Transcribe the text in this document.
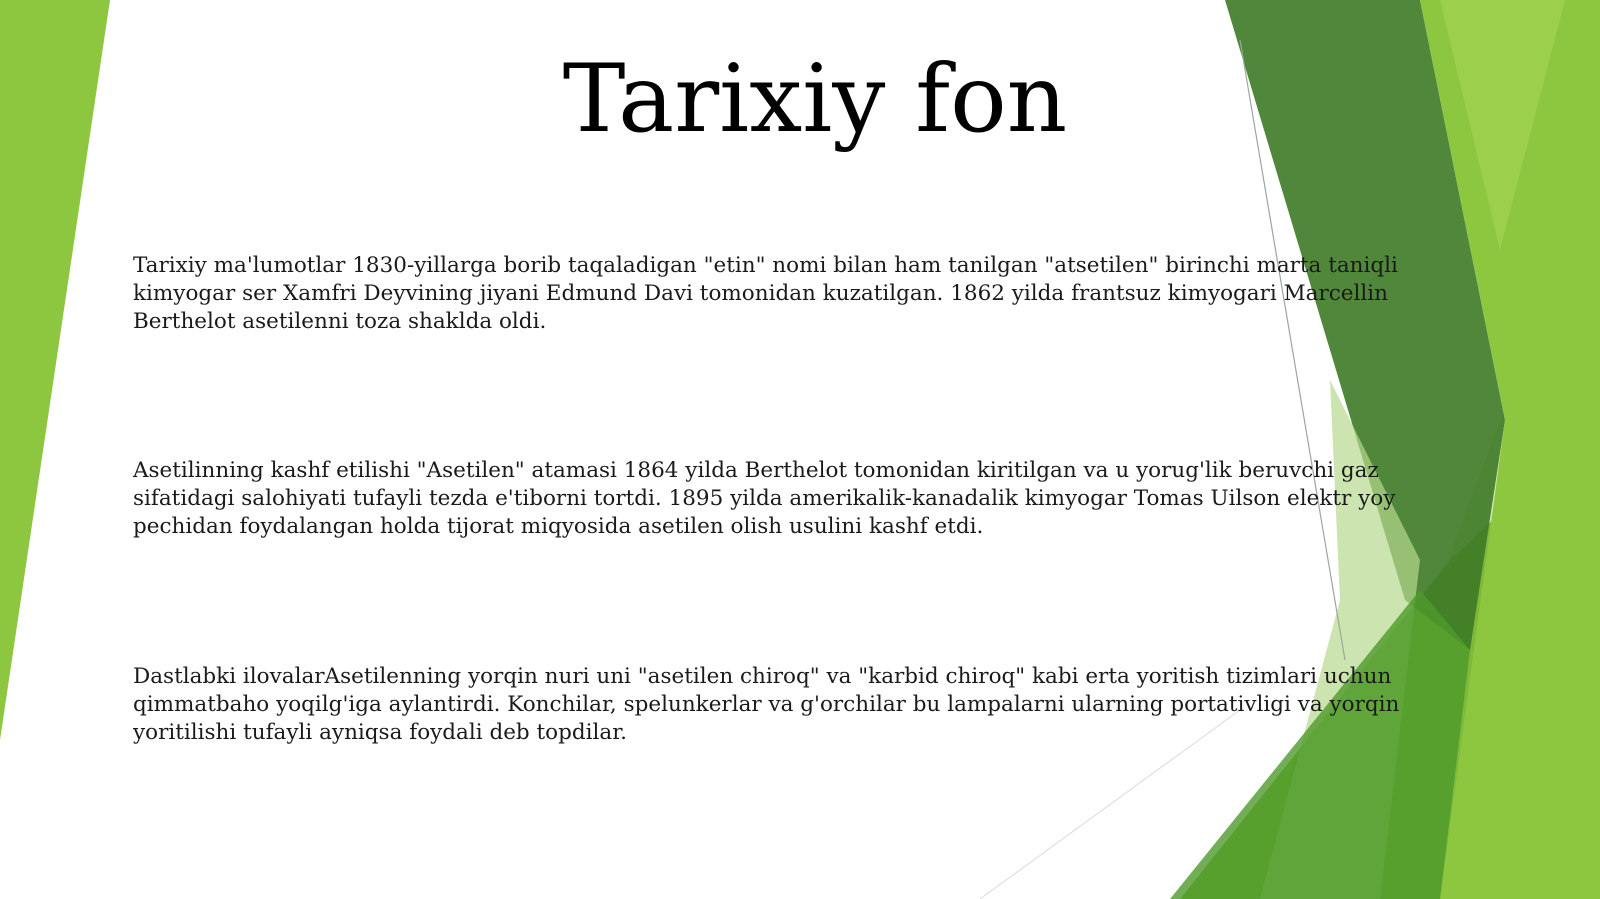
Tarixiy fon

Tarixiy ma'lumotlar 1830-yillarga borib taqaladigan "etin" nomi bilan ham tanilgan "atsetilen" birinchi marta taniqli kimyogar ser Xamfri Deyvining jiyani Edmund Davi tomonidan kuzatilgan. 1862 yilda frantsuz kimyogari Marcellin Berthelot asetilenni toza shaklda oldi.

Asetilinning kashf etilishi "Asetilen" atamasi 1864 yilda Berthelot tomonidan kiritilgan va u yorug'lik beruvchi gaz sifatidagi salohiyati tufayli tezda e'tiborni tortdi. 1895 yilda amerikalik-kanadalik kimyogar Tomas Uilson elektr yoy pechidan foydalangan holda tijorat miqyosida asetilen olish usulini kashf etdi.

Dastlabki ilovalarAsetilenning yorqin nuri uni "asetilen chiroq" va "karbid chiroq" kabi erta yoritish tizimlari uchun qimmatbaho yoqilg'iga aylantirdi. Konchilar, spelunkerlar va g'orchilar bu lampalarni ularning portativligi va yorqin yoritilishi tufayli ayniqsa foydali deb topdilar.
